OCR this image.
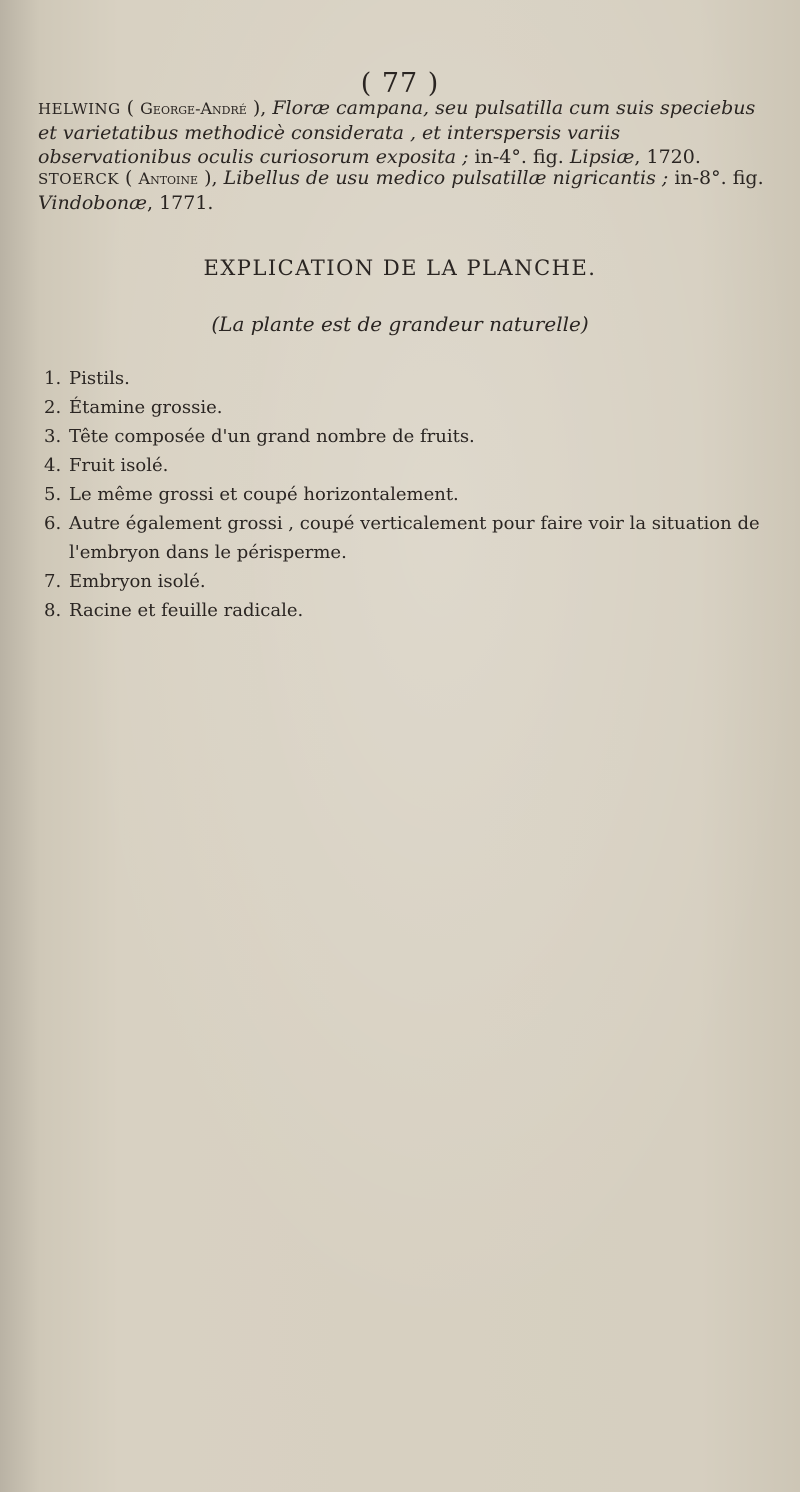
( 77 )

HELWING ( George-André ), Floræ campana, seu pulsatilla cum suis speciebus et varietatibus methodicè considerata , et interspersis variis observationibus oculis curiosorum exposita ; in-4°. fig. Lipsiæ, 1720.

STOERCK ( Antoine ), Libellus de usu medico pulsatillæ nigricantis ; in-8°. fig. Vindobonæ, 1771.

EXPLICATION DE LA PLANCHE.
(La plante est de grandeur naturelle)
1. Pistils.
2. Étamine grossie.
3. Tête composée d'un grand nombre de fruits.
4. Fruit isolé.
5. Le même grossi et coupé horizontalement.
6. Autre également grossi , coupé verticalement pour faire voir la situation de l'embryon dans le périsperme.
7. Embryon isolé.
8. Racine et feuille radicale.
